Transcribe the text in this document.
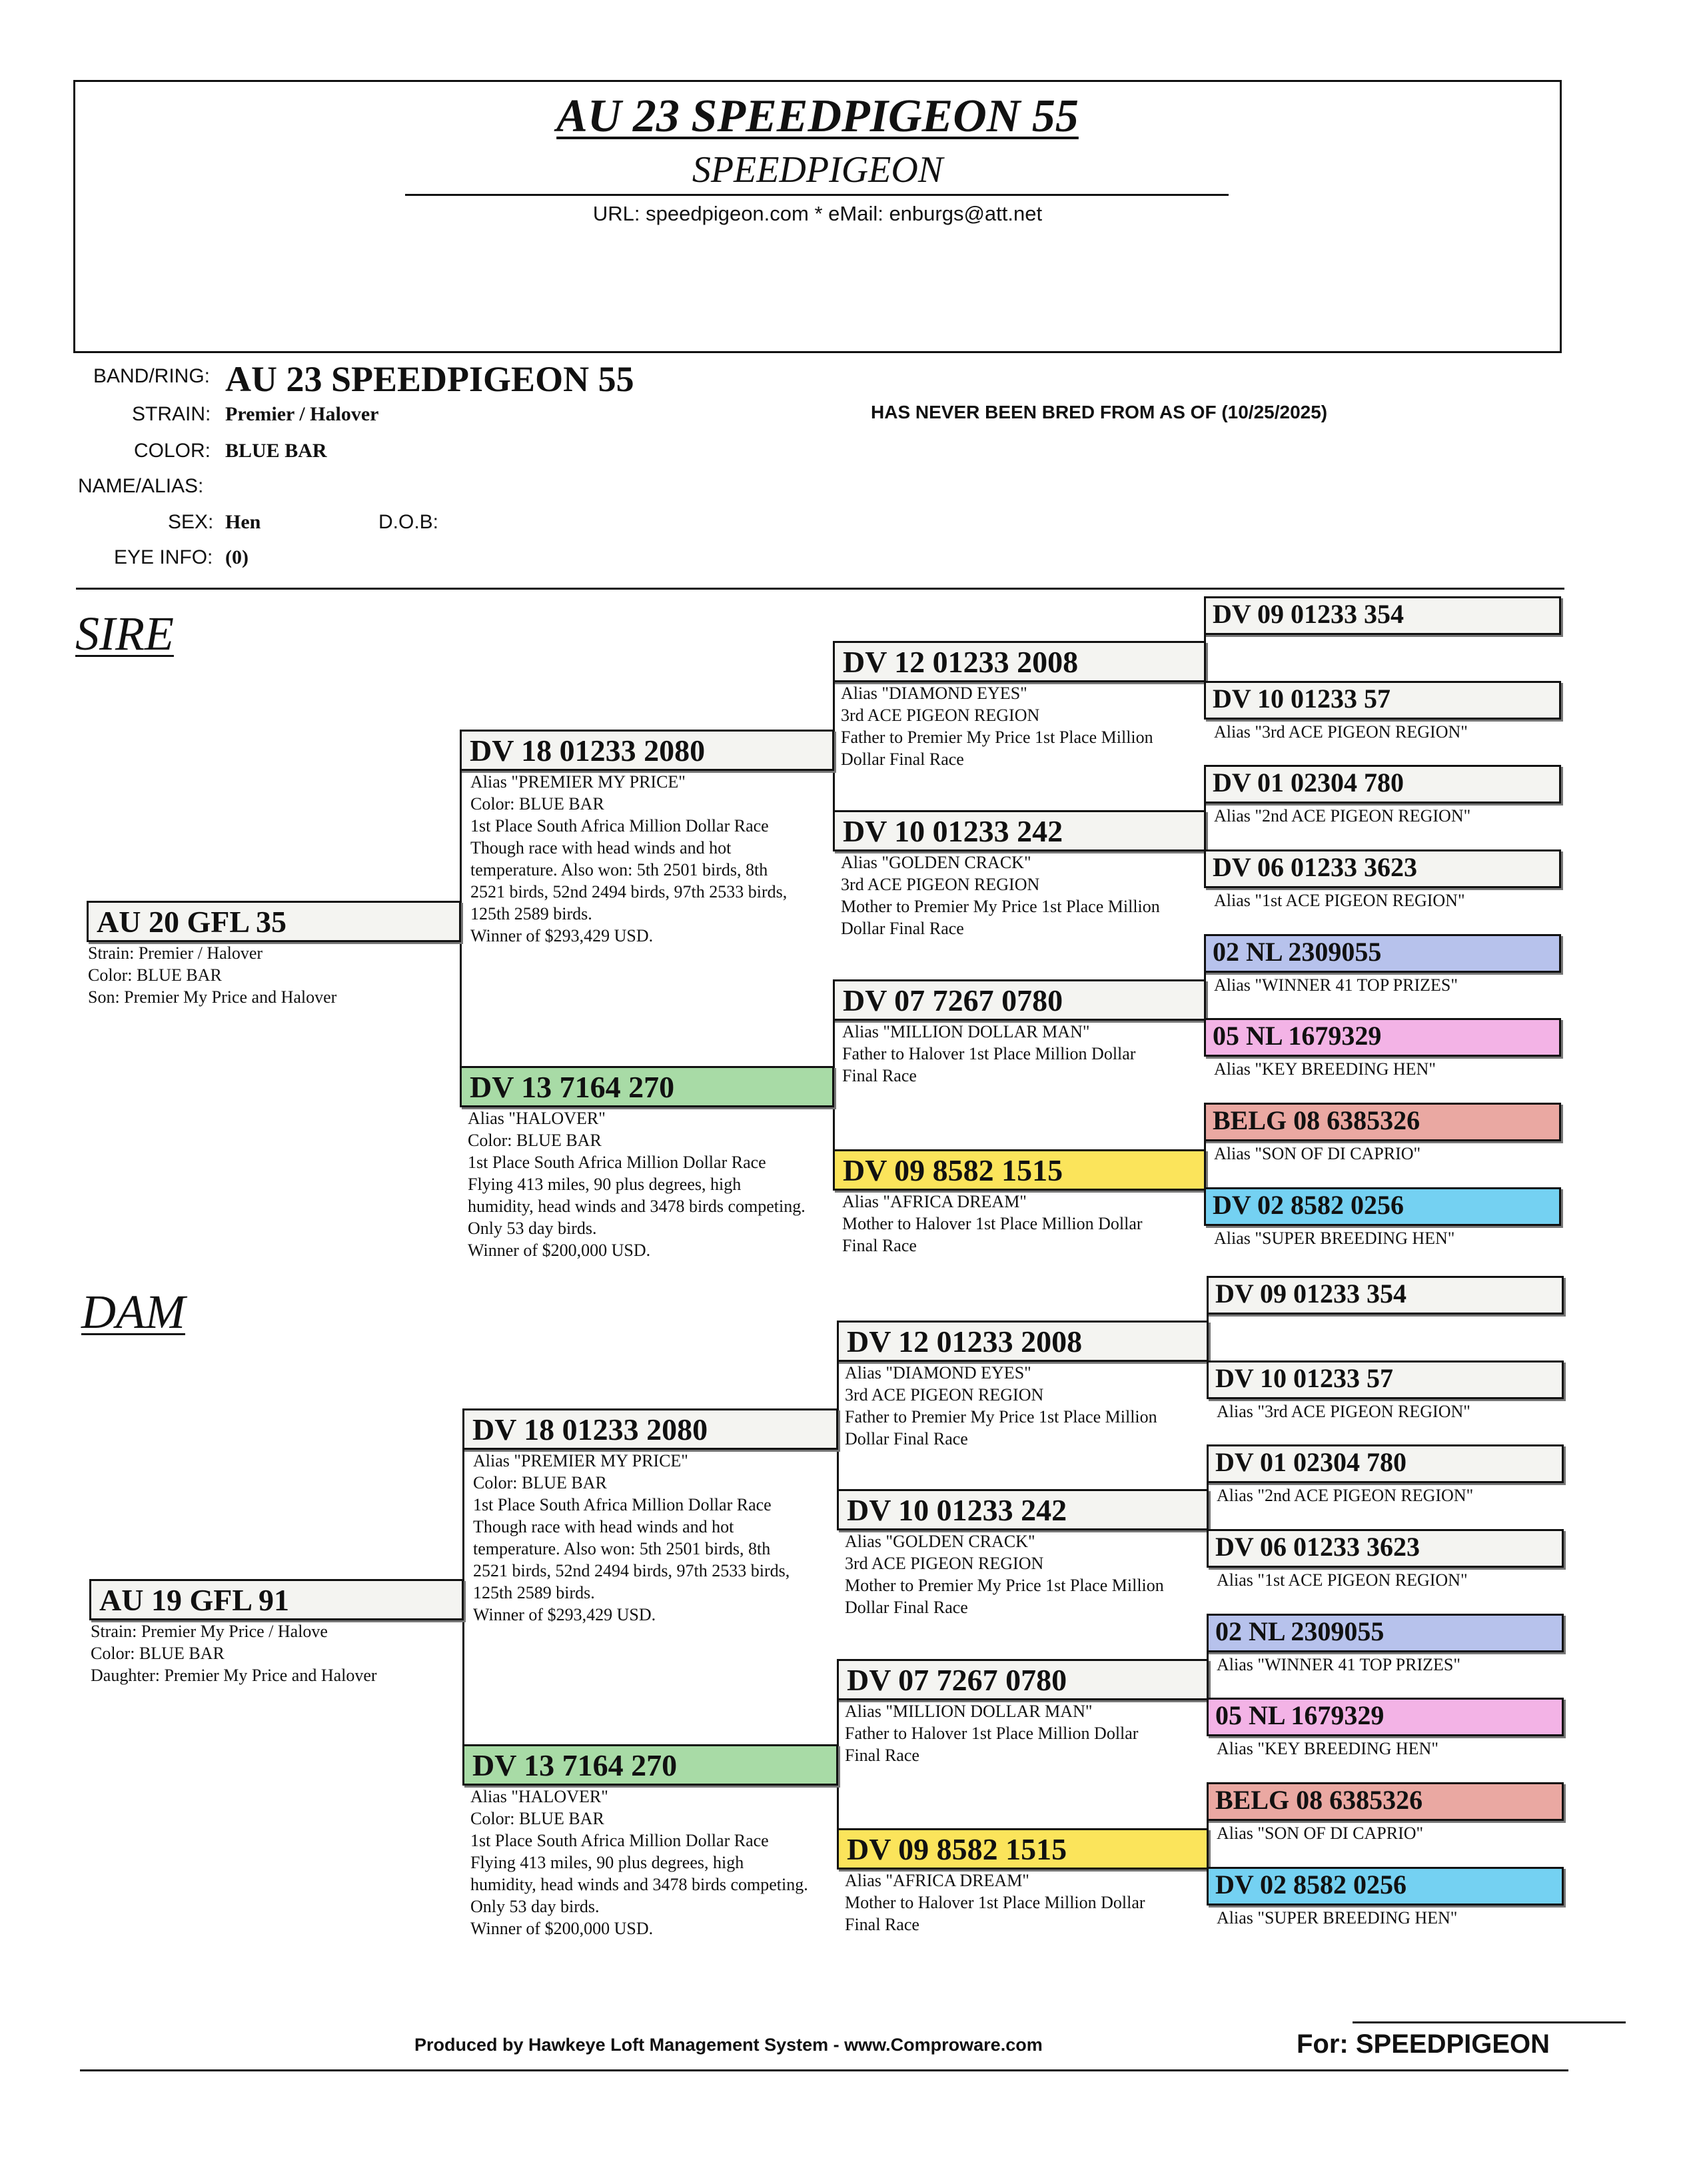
AU 23 SPEEDPIGEON 55
SPEEDPIGEON
URL: speedpigeon.com * eMail: enburgs@att.net
BAND/RING: AU 23 SPEEDPIGEON 55
STRAIN: Premier / Halover
COLOR: BLUE BAR
NAME/ALIAS:
SEX: Hen	D.O.B:
EYE INFO: (0)
HAS NEVER BEEN BRED FROM AS OF (10/25/2025)
SIRE
DAM
AU 20 GFL 35
Strain: Premier / Halover
Color: BLUE BAR
Son: Premier My Price and Halover
DV 18 01233 2080
Alias "PREMIER MY PRICE"
Color: BLUE BAR
1st Place South Africa Million Dollar Race
Though race with head winds and hot
temperature. Also won: 5th 2501 birds, 8th
2521 birds, 52nd 2494 birds, 97th 2533 birds,
125th 2589 birds.
Winner of $293,429 USD.
DV 13 7164 270
Alias "HALOVER"
Color: BLUE BAR
1st Place South Africa Million Dollar Race
Flying 413 miles, 90 plus degrees, high
humidity, head winds and 3478 birds competing.
Only 53 day birds.
Winner of $200,000 USD.
DV 12 01233 2008
Alias "DIAMOND EYES"
3rd ACE PIGEON REGION
Father to Premier My Price 1st Place Million
Dollar Final Race
DV 10 01233 242
Alias "GOLDEN CRACK"
3rd ACE PIGEON REGION
Mother to Premier My Price 1st Place Million
Dollar Final Race
DV 07 7267 0780
Alias "MILLION DOLLAR MAN"
Father to Halover 1st Place Million Dollar
Final Race
DV 09 8582 1515
Alias "AFRICA DREAM"
Mother to Halover 1st Place Million Dollar
Final Race
DV 09 01233 354
DV 10 01233 57
Alias "3rd ACE PIGEON REGION"
DV 01 02304 780
Alias "2nd ACE PIGEON REGION"
DV 06 01233 3623
Alias "1st ACE PIGEON REGION"
02 NL 2309055
Alias "WINNER 41 TOP PRIZES"
05 NL 1679329
Alias "KEY BREEDING HEN"
BELG 08 6385326
Alias "SON OF DI CAPRIO"
DV 02 8582 0256
Alias "SUPER BREEDING HEN"
AU 19 GFL 91
Strain: Premier My Price / Halove
Color: BLUE BAR
Daughter: Premier My Price and Halover
DV 18 01233 2080
Alias "PREMIER MY PRICE"
Color: BLUE BAR
1st Place South Africa Million Dollar Race
Though race with head winds and hot
temperature. Also won: 5th 2501 birds, 8th
2521 birds, 52nd 2494 birds, 97th 2533 birds,
125th 2589 birds.
Winner of $293,429 USD.
DV 13 7164 270
Alias "HALOVER"
Color: BLUE BAR
1st Place South Africa Million Dollar Race
Flying 413 miles, 90 plus degrees, high
humidity, head winds and 3478 birds competing.
Only 53 day birds.
Winner of $200,000 USD.
DV 12 01233 2008
Alias "DIAMOND EYES"
3rd ACE PIGEON REGION
Father to Premier My Price 1st Place Million
Dollar Final Race
DV 10 01233 242
Alias "GOLDEN CRACK"
3rd ACE PIGEON REGION
Mother to Premier My Price 1st Place Million
Dollar Final Race
DV 07 7267 0780
Alias "MILLION DOLLAR MAN"
Father to Halover 1st Place Million Dollar
Final Race
DV 09 8582 1515
Alias "AFRICA DREAM"
Mother to Halover 1st Place Million Dollar
Final Race
DV 09 01233 354
DV 10 01233 57
Alias "3rd ACE PIGEON REGION"
DV 01 02304 780
Alias "2nd ACE PIGEON REGION"
DV 06 01233 3623
Alias "1st ACE PIGEON REGION"
02 NL 2309055
Alias "WINNER 41 TOP PRIZES"
05 NL 1679329
Alias "KEY BREEDING HEN"
BELG 08 6385326
Alias "SON OF DI CAPRIO"
DV 02 8582 0256
Alias "SUPER BREEDING HEN"
Produced by Hawkeye Loft Management System - www.Comproware.com	For: SPEEDPIGEON
